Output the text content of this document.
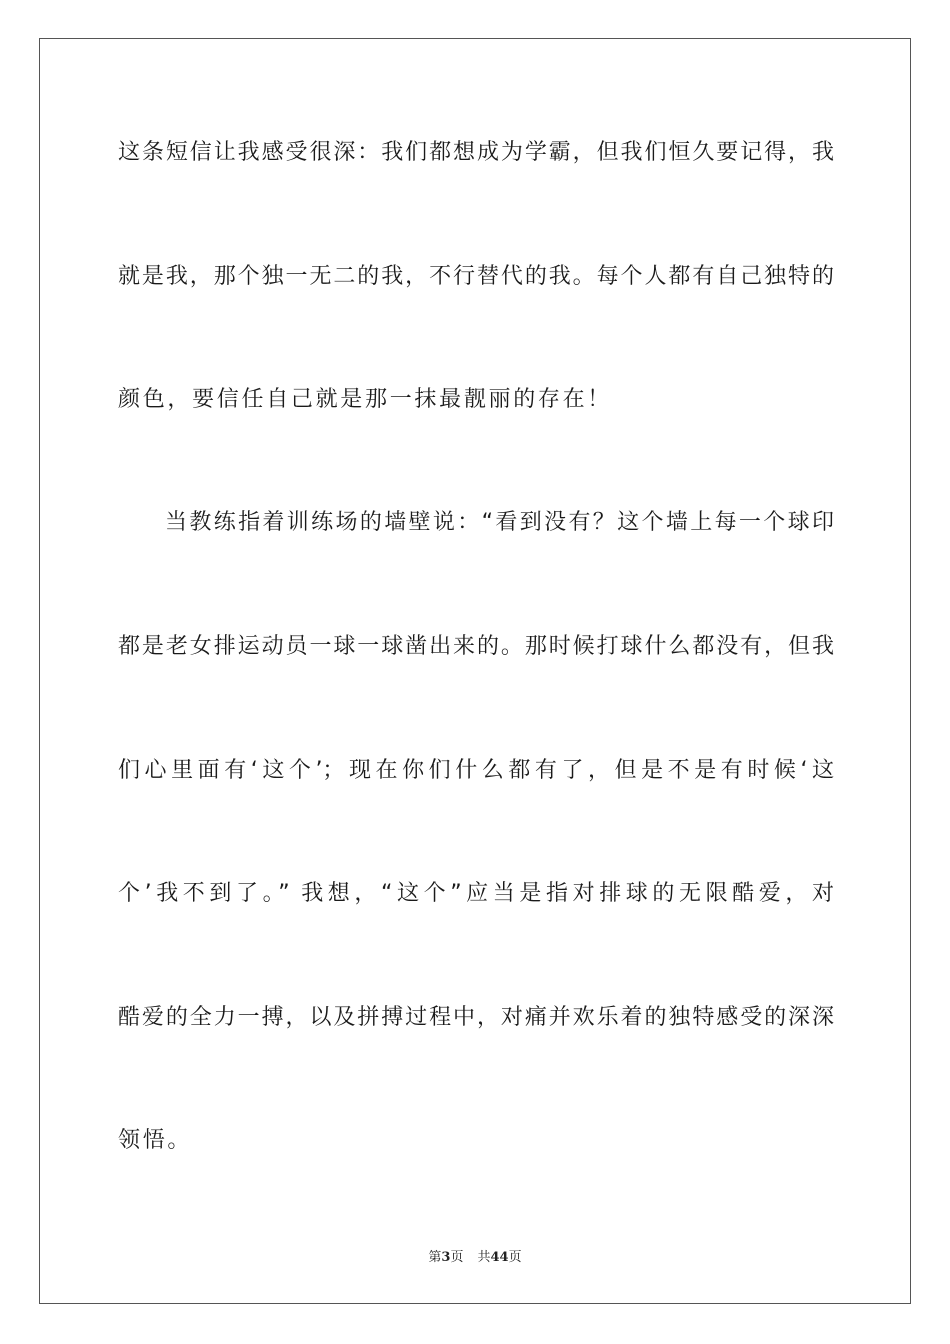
这条短信让我感受很深：我们都想成为学霸，但我们恒久要记得，我
就是我，那个独一无二的我，不行替代的我。每个人都有自己独特的
颜色，要信任自己就是那一抹最靓丽的存在！
当教练指着训练场的墙壁说：“看到没有？这个墙上每一个球印
都是老女排运动员一球一球凿出来的。那时候打球什么都没有，但我
们心里面有‘这个’；现在你们什么都有了，但是不是有时候‘这
个’我不到了。” 我想，“这个”应当是指对排球的无限酷爱，对
酷爱的全力一搏，以及拼搏过程中，对痛并欢乐着的独特感受的深深
领悟。
第3页 共44页
